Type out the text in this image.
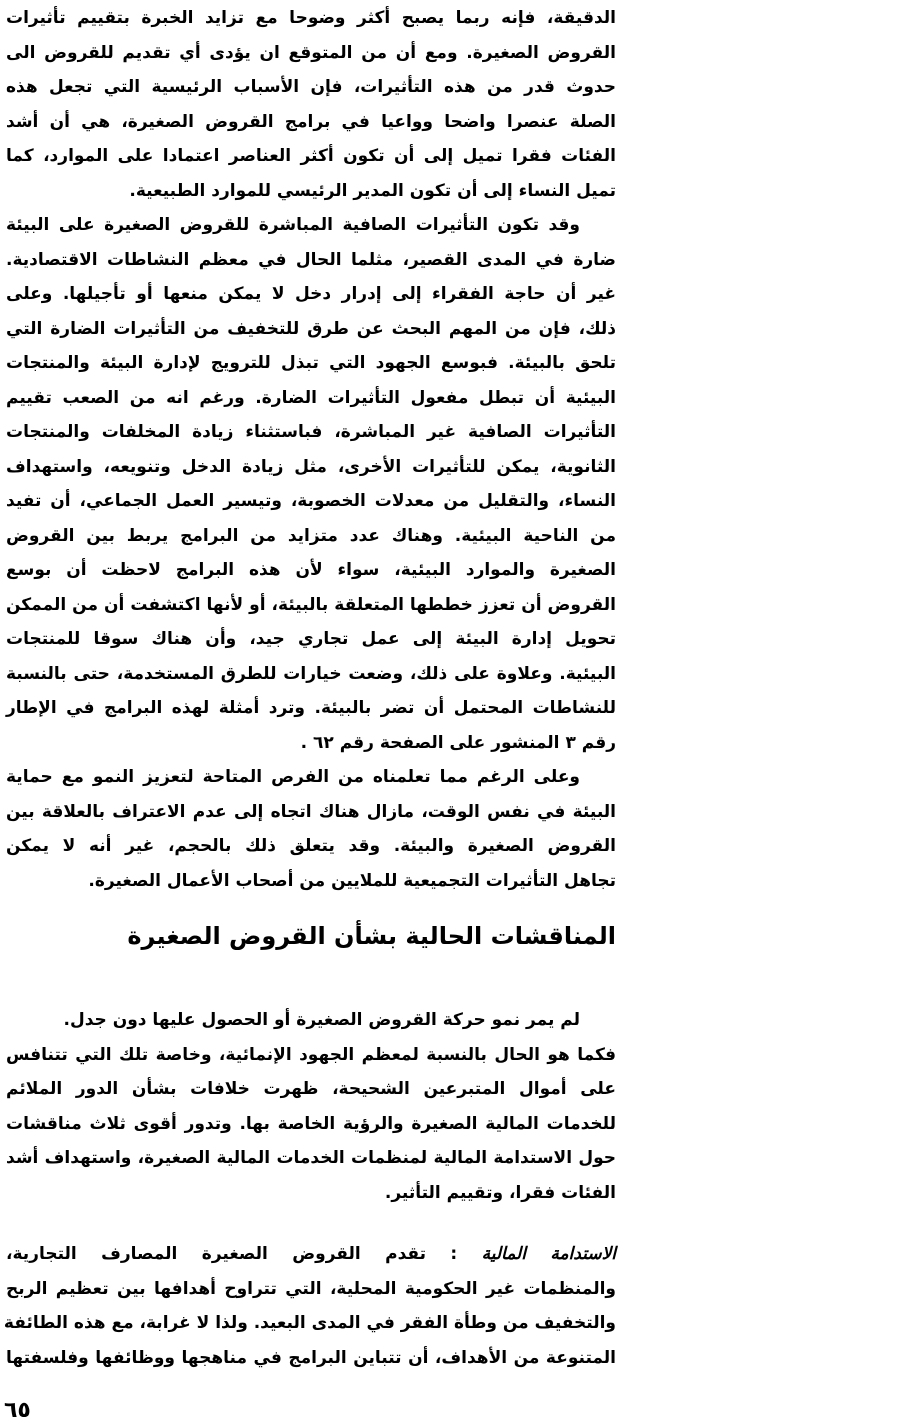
الدقيقة، فإنه ربما يصبح أكثر وضوحا مع تزايد الخبرة بتقييم تأثيرات
القروض الصغيرة. ومع أن من المتوقع ان يؤدى أي تقديم للقروض الى
حدوث قدر من هذه التأثيرات، فإن الأسباب الرئيسية التي تجعل هذه
الصلة عنصرا واضحا وواعيا في برامج القروض الصغيرة، هي أن أشد
الفئات فقرا تميل إلى أن تكون أكثر العناصر اعتمادا على الموارد، كما
تميل النساء إلى أن تكون المدير الرئيسي للموارد الطبيعية.
وقد تكون التأثيرات الصافية المباشرة للقروض الصغيرة على البيئة
ضارة في المدى القصير، مثلما الحال في معظم النشاطات الاقتصادية.
غير أن حاجة الفقراء إلى إدرار دخل لا يمكن منعها أو تأجيلها. وعلى
ذلك، فإن من المهم البحث عن طرق للتخفيف من التأثيرات الضارة التي
تلحق بالبيئة. فبوسع الجهود التي تبذل للترويج لإدارة البيئة والمنتجات
البيئية أن تبطل مفعول التأثيرات الضارة. ورغم انه من الصعب تقييم
التأثيرات الصافية غير المباشرة، فباستثناء زيادة المخلفات والمنتجات
الثانوية، يمكن للتأثيرات الأخرى، مثل زيادة الدخل وتنويعه، واستهداف
النساء، والتقليل من معدلات الخصوبة، وتيسير العمل الجماعي، أن تفيد
من الناحية البيئية. وهناك عدد متزايد من البرامج يربط بين القروض
الصغيرة والموارد البيئية، سواء لأن هذه البرامج لاحظت أن بوسع
القروض أن تعزز خططها المتعلقة بالبيئة، أو لأنها اكتشفت أن من الممكن
تحويل إدارة البيئة إلى عمل تجاري جيد، وأن هناك سوقا للمنتجات
البيئية. وعلاوة على ذلك، وضعت خيارات للطرق المستخدمة، حتى بالنسبة
للنشاطات المحتمل أن تضر بالبيئة. وترد أمثلة لهذه البرامج في الإطار
رقم ٣ المنشور على الصفحة رقم ٦٢ .
وعلى الرغم مما تعلمناه من الفرص المتاحة لتعزيز النمو مع حماية
البيئة في نفس الوقت، مازال هناك اتجاه إلى عدم الاعتراف بالعلاقة بين
القروض الصغيرة والبيئة. وقد يتعلق ذلك بالحجم، غير أنه لا يمكن
تجاهل التأثيرات التجميعية للملايين من أصحاب الأعمال الصغيرة.
المناقشات الحالية بشأن القروض الصغيرة
لم يمر نمو حركة القروض الصغيرة أو الحصول عليها دون جدل.
فكما هو الحال بالنسبة لمعظم الجهود الإنمائية، وخاصة تلك التي تتنافس
على أموال المتبرعين الشحيحة، ظهرت خلافات بشأن الدور الملائم
للخدمات المالية الصغيرة والرؤية الخاصة بها. وتدور أقوى ثلاث مناقشات
حول الاستدامة المالية لمنظمات الخدمات المالية الصغيرة، واستهداف أشد
الفئات فقرا، وتقييم التأثير.
الاستدامة المالية : تقدم القروض الصغيرة المصارف التجارية،
والمنظمات غير الحكومية المحلية، التي تتراوح أهدافها بين تعظيم الربح
والتخفيف من وطأة الفقر في المدى البعيد. ولذا لا غرابة، مع هذه الطائفة
المتنوعة من الأهداف، أن تتباين البرامج في مناهجها ووظائفها وفلسفتها
٦٥
